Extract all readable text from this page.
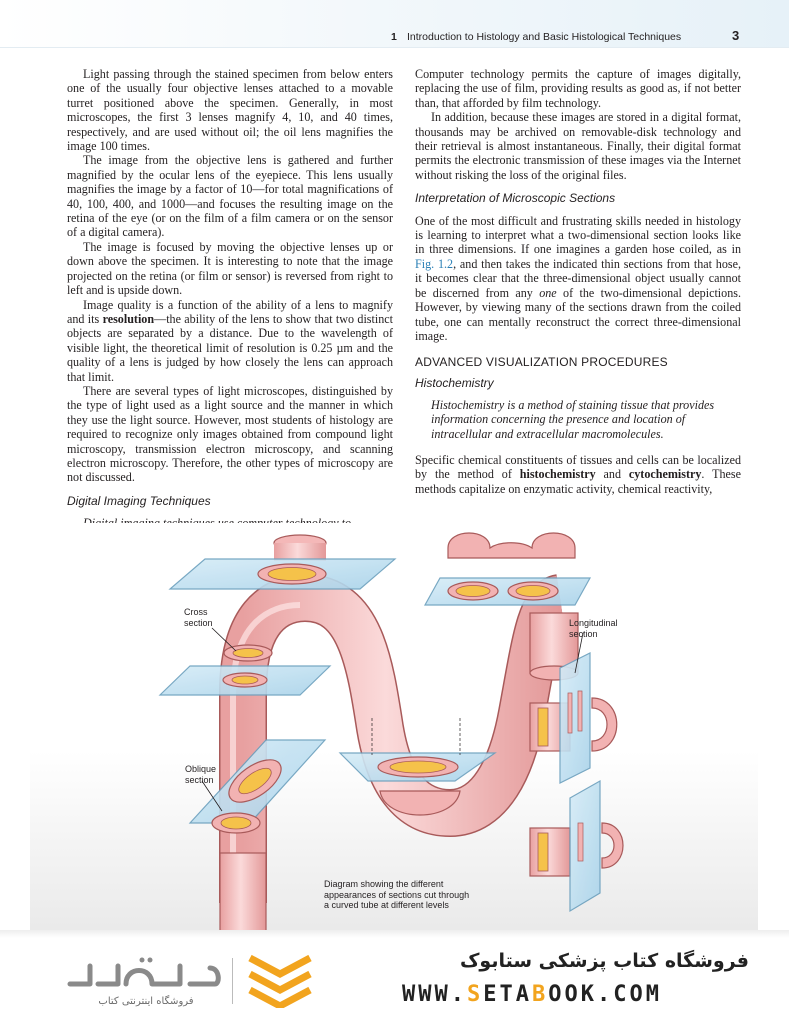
1 Introduction to Histology and Basic Histological Techniques	3

Light passing through the stained specimen from below enters one of the usually four objective lenses attached to a movable turret positioned above the specimen. Generally, in most microscopes, the first 3 lenses magnify 4, 10, and 40 times, respectively, and are used without oil; the oil lens magnifies the image 100 times.

The image from the objective lens is gathered and further magnified by the ocular lens of the eyepiece. This lens usually magnifies the image by a factor of 10—for total magnifications of 40, 100, 400, and 1000—and focuses the resulting image on the retina of the eye (or on the film of a film camera or on the sensor of a digital camera).

The image is focused by moving the objective lenses up or down above the specimen. It is interesting to note that the image projected on the retina (or film or sensor) is reversed from right to left and is upside down.

Image quality is a function of the ability of a lens to magnify and its resolution—the ability of the lens to show that two distinct objects are separated by a distance. Due to the wavelength of visible light, the theoretical limit of resolution is 0.25 µm and the quality of a lens is judged by how closely the lens can approach that limit.

There are several types of light microscopes, distinguished by the type of light used as a light source and the manner in which they use the light source. However, most students of histology are required to recognize only images obtained from compound light microscopy, transmission electron microscopy, and scanning electron microscopy. Therefore, the other types of microscopy are not discussed.

Digital Imaging Techniques

Computer technology permits the capture of images digitally, replacing the use of film, providing results as good as, if not better than, that afforded by film technology.

In addition, because these images are stored in a digital format, thousands may be archived on removable-disk technology and their retrieval is almost instantaneous. Finally, their digital format permits the electronic transmission of these images via the Internet without risking the loss of the original files.

Interpretation of Microscopic Sections

One of the most difficult and frustrating skills needed in histology is learning to interpret what a two-dimensional section looks like in three dimensions. If one imagines a garden hose coiled, as in Fig. 1.2, and then takes the indicated thin sections from that hose, it becomes clear that the three-dimensional object usually cannot be discerned from any one of the two-dimensional depictions. However, by viewing many of the sections drawn from the coiled tube, one can mentally reconstruct the correct three-dimensional image.

ADVANCED VISUALIZATION PROCEDURES
Histochemistry

Histochemistry is a method of staining tissue that provides information concerning the presence and location of intracellular and extracellular macromolecules.

Specific chemical constituents of tissues and cells can be localized by the method of histochemistry and cytochemistry. These methods capitalize on enzymatic activity, chemical reactivity,

Cross
section
Oblique
section
Longitudinal
section
Diagram showing the different
appearances of sections cut through
a curved tube at different levels
فروشگاه اینترنتی کتاب
فروشگاه کتاب پزشکی ستابوک
WWW.SETABOOK.COM
